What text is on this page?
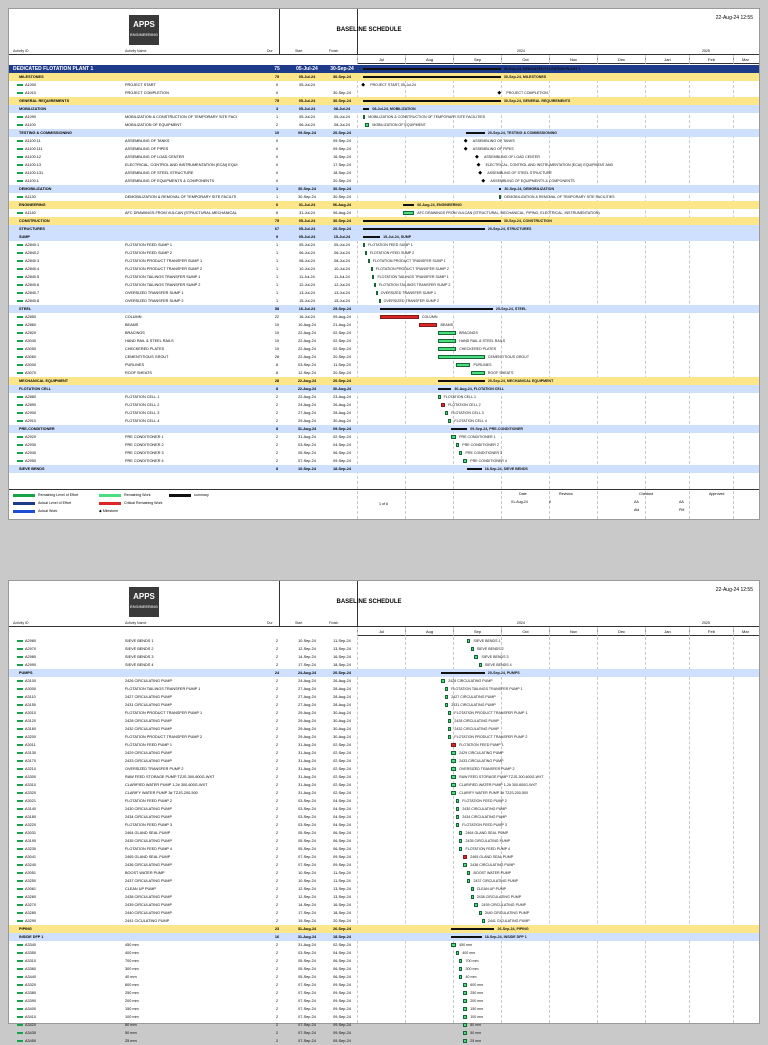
APPS
ENGINEERING
BASELINE SCHEDULE
22-Aug-24 12:55
Activity ID	Activity Name	Dur	Start	Finish	2024	2025
Jul	Aug	Sep	Oct	Nov	Dec	Jan	Feb	Mar
DEDICATED FLOTATION PLANT 1	75	05-Jul-24	30-Sep-24	30-Sep-24, DEDICATED FLOTATION PLANT 1
MILESTONES	75	05-Jul-24	30-Sep-24	30-Sep-24, MILESTONES
A1000	PROJECT START	0	05-Jul-24	◆ PROJECT START, 05-Jul-24
A1010	PROJECT COMPLETION	0	30-Sep-24	◆ PROJECT COMPLETION,
GENERAL REQUIREMENTS	75	05-Jul-24	30-Sep-24	30-Sep-24, GENERAL REQUIREMENTS
MOBILIZATION	3	05-Jul-24	08-Jul-24	08-Jul-24, MOBILIZATION
A1090	MOBILIZATION & CONSTRUCTION OF TEMPORARY SITE FACI	1	05-Jul-24	05-Jul-24	MOBILIZATION & CONSTRUCTION OF TEMPORARY SITE FACILITIES
A1100	MOBILIZATION OF EQUIPMENT	2	06-Jul-24	08-Jul-24	MOBILIZATION OF EQUIPMENT
TESTING & COMMISSIONING	10	09-Sep-24	20-Sep-24	20-Sep-24, TESTING & COMMISSIONING
A1100.11	ASSEMBLING OF TANKS	0	09-Sep-24	◆ ASSEMBLING OF TANKS
A1100.111	ASSEMBLING OF PIPES	0	09-Sep-24	◆ ASSEMBLING OF PIPES
A1100.12	ASSEMBLING OF LOAD CENTER	0	16-Sep-24	◆ ASSEMBLING OF LOAD CENTER
A1100.13	ELECTRICAL, CONTROL AND INSTRUMENTATION (ECAI) EQUI	0	17-Sep-24	◆ ELECTRICAL, CONTROL AND INSTRUMENTATION (ECAI) EQUIPMENT AND
A1100.131	ASSEMBLING OF STEEL STRUCTURE	0	18-Sep-24	◆ ASSEMBLING OF STEEL STRUCTURE
A1100.1	ASSEMBLING OF EQUIPMENTS & COMPONENTS	0	20-Sep-24	◆ ASSEMBLING OF EQUIPMENTS & COMPONENTS
DEMOBILIZATION	1	30-Sep-24	30-Sep-24	30-Sep-24, DEMOBILIZATION
A1130	DEMOBILIZATION & REMOVAL OF TEMPORARY SITE FACILITI	1	30-Sep-24	30-Sep-24	DEMOBILIZATION & REMOVAL OF TEMPORARY SITE FACILITIES
ENGINEERING	6	31-Jul-24	06-Aug-24	06-Aug-24, ENGINEERING
A1140	AFC DRAWINGS FROM VULCAN (STRUCTURAL,MECHANICAL	6	31-Jul-24	06-Aug-24	AFC DRAWINGS FROM VULCAN (STRUCTURAL, MECHANICAL, PIPING, ELECTRICAL, INSTRUMENTATION)
CONSTRUCTION	75	05-Jul-24	30-Sep-24	30-Sep-24, CONSTRUCTION
STRUCTURES	67	05-Jul-24	20-Sep-24	20-Sep-24, STRUCTURES
SUMP	9	05-Jul-24	15-Jul-24	15-Jul-24, SUMP
A2840.1	FLOTATION FEED SUMP 1	1	05-Jul-24	05-Jul-24	FLOTATION FEED SUMP 1
A2840.2	FLOTATION FEED SUMP 2	1	06-Jul-24	06-Jul-24	FLOTATION FEED SUMP 2
A2840.3	FLOTATION PRODUCT TRANSFER SUMP 1	1	08-Jul-24	08-Jul-24	FLOTATION PRODUCT TRANSFER SUMP 1
A2840.4	FLOTATION PRODUCT TRANSFER SUMP 2	1	10-Jul-24	10-Jul-24	FLOTATION PRODUCT TRANSFER SUMP 2
A2840.5	FLOTATION TAILINGS TRANSFER SUMP 1	1	11-Jul-24	11-Jul-24	FLOTATION TAILINGS TRANSFER SUMP 1
A2840.6	FLOTATION TAILINGS TRANSFER SUMP 2	1	12-Jul-24	12-Jul-24	FLOTATION TAILINGS TRANSFER SUMP 2
A2840.7	OVERSIZED TRANSFER SUMP 1	1	13-Jul-24	13-Jul-24	OVERSIZED TRANSFER SUMP 1
A2840.8	OVERSIZED TRANSFER SUMP 2	1	15-Jul-24	15-Jul-24	OVERSIZED TRANSFER SUMP 2
STEEL	58	16-Jul-24	25-Sep-24	25-Sep-24, STEEL
A2850	COLUMN	22	16-Jul-24	09-Aug-24	COLUMN
A2860	BEAMS	10	10-Aug-24	21-Aug-24	BEAMS
A2820	BRACINGS	10	22-Aug-24	02-Sep-24	BRACINGS
A3040	HAND RAIL & STEEL RAILS	10	22-Aug-24	02-Sep-24	HAND RAIL & STEEL RAILS
A3050	CHECKERED PLATES	10	22-Aug-24	02-Sep-24	CHECKERED PLATES
A3060	CEMENTITIOUS GROUT	26	22-Aug-24	20-Sep-24	CEMENTITIOUS GROUT
A3000	PURLINES	8	03-Sep-24	11-Sep-24	PURLINES
A3070	ROOF SHEATS	8	12-Sep-24	20-Sep-24	ROOF SHEATS
MECHANICAL EQUIPMENT	28	22-Aug-24	20-Sep-24	20-Sep-24, MECHANICAL EQUIPMENT
FLOTATION CELL	8	22-Aug-24	30-Aug-24	30-Aug-24, FLOTATION CELL
A2880	FLOTATION CELL 1	2	22-Aug-24	23-Aug-24	FLOTATION CELL 1
A2890	FLOTATION CELL 2	2	24-Aug-24	26-Aug-24	FLOTATION CELL 2
A2900	FLOTATION CELL 3	2	27-Aug-24	28-Aug-24	FLOTATION CELL 3
A2910	FLOTATION CELL 4	2	29-Aug-24	30-Aug-24	FLOTATION CELL 4
PRE-CONDITIONER	8	31-Aug-24	09-Sep-24	09-Sep-24, PRE-CONDITIONER
A2920	PRE CONDITIONER 1	2	31-Aug-24	02-Sep-24	PRE CONDITIONER 1
A2930	PRE CONDITIONER 2	2	03-Sep-24	04-Sep-24	PRE CONDITIONER 2
A2940	PRE CONDITIONER 3	2	05-Sep-24	06-Sep-24	PRE CONDITIONER 3
A2950	PRE CONDITIONER 4	2	07-Sep-24	09-Sep-24	PRE CONDITIONER 4
SIEVE BENDS	8	10-Sep-24	18-Sep-24	18-Sep-24, SIEVE BENDS
Remaining Level of Effort	Remaining Work	summary
Actual Level of Effort	Critical Remaining Work
Actual Work	◆ Milestone
1 of 6
Date	Revision	Checked	Approved
01-Aug-24	0	AA	AA
Ald	PM
APPS
ENGINEERING
BASELINE SCHEDULE
22-Aug-24 12:55
Activity ID	Activity Name	Dur	Start	Finish	2024	2025
Jul	Aug	Sep	Oct	Nov	Dec	Jan	Feb	Mar
A2960	SIEVE BENDS 1	2	10-Sep-24	11-Sep-24	SIEVE BENDS 1
A2970	SIEVE BENDS 2	2	12-Sep-24	13-Sep-24	SIEVE BENDS 2
A2980	SIEVE BENDS 3	2	14-Sep-24	16-Sep-24	SIEVE BENDS 3
A2990	SIEVE BENDS 4	2	17-Sep-24	18-Sep-24	SIEVE BENDS 4
PUMPS	24	24-Aug-24	20-Sep-24	20-Sep-24, PUMPS
A3100	2426 CIRCULATING PUMP	2	24-Aug-24	26-Aug-24	2426 CIRCULATING PUMP
A3000	FLOTATION TAILINGS TRANSFER PUMP 1	2	27-Aug-24	28-Aug-24	FLOTATION TAILINGS TRANSFER PUMP 1
A3110	2427 CIRCULATING PUMP	2	27-Aug-24	28-Aug-24	2427 CIRCULATING PUMP
A3150	2431 CIRCULATING PUMP	2	27-Aug-24	28-Aug-24	2431 CIRCULATING PUMP
A3010	FLOTATION PRODUCT TRANSFER PUMP 1	2	29-Aug-24	30-Aug-24	FLOTATION PRODUCT TRANSFER PUMP 1
A3120	2428 CIRCULATING PUMP	2	29-Aug-24	30-Aug-24	2428 CIRCULATING PUMP
A3160	2432 CIRCULATING PUMP	2	29-Aug-24	30-Aug-24	2432 CIRCULATING PUMP
A3200	FLOTATION PRODUCT TRANSFER PUMP 2	2	29-Aug-24	30-Aug-24	FLOTATION PRODUCT TRANSFER PUMP 2
A3011	FLOTATION FEED PUMP 1	2	31-Aug-24	02-Sep-24	FLOTATION FEED PUMP 1
A3130	2429 CIRCULATING PUMP	2	31-Aug-24	02-Sep-24	2429 CIRCULATING PUMP
A3170	2433 CIRCULATING PUMP	2	31-Aug-24	02-Sep-24	2433 CIRCULATING PUMP
A3210	OVERSIZED TRANSFER PUMP 2	2	31-Aug-24	02-Sep-24	OVERSIZED TRANSFER PUMP 2
A3300	RAW FEED STORAGE PUMP TZJS-300-600G-WXT	2	31-Aug-24	02-Sep-24	RAW FEED STORAGE PUMP TZJS-300-600G-WXT
A3310	CLARIFIED WATER PUMP 1-2# 300-600G-WXT	2	31-Aug-24	02-Sep-24	CLARIFIED WATER PUMP 1-2# 300-600G-WXT
A3320	CLARIFY WATER PUMP 3# TZJS-200-500	2	31-Aug-24	02-Sep-24	CLARIFY WATER PUMP 3# TZJS-200-500
A3021	FLOTATION FEED PUMP 2	2	03-Sep-24	04-Sep-24	FLOTATION FEED PUMP 2
A3140	2430 CIRCULATING PUMP	2	03-Sep-24	04-Sep-24	2430 CIRCULATING PUMP
A3180	2434 CIRCULATING PUMP	2	03-Sep-24	04-Sep-24	2434 CIRCULATING PUMP
A3220	FLOTATION FEED PUMP 3	2	03-Sep-24	04-Sep-24	FLOTATION FEED PUMP 3
A3031	2464 GLAND SEAL PUMP	2	05-Sep-24	06-Sep-24	2464 GLAND SEAL PUMP
A3190	2435 CIRCULATING PUMP	2	05-Sep-24	06-Sep-24	2435 CIRCULATING PUMP
A3230	FLOTATION FEED PUMP 4	2	05-Sep-24	06-Sep-24	FLOTATION FEED PUMP 4
A3041	2465 GLAND SEAL PUMP	2	07-Sep-24	09-Sep-24	2465 GLAND SEAL PUMP
A3240	2436 CIRCULATING PUMP	2	07-Sep-24	09-Sep-24	2436 CIRCULATING PUMP
A3051	BOOST WATER PUMP	2	10-Sep-24	11-Sep-24	BOOST WATER PUMP
A3250	2437 CIRCULATING PUMP	2	10-Sep-24	11-Sep-24	2437 CIRCULATING PUMP
A3061	CLEAN UP PUMP	2	12-Sep-24	13-Sep-24	CLEAN UP PUMP
A3260	2438 CIRCULATING PUMP	2	12-Sep-24	13-Sep-24	2438 CIRCULATING PUMP
A3270	2439 CIRCULATING PUMP	2	14-Sep-24	16-Sep-24	2439 CIRCULATING PUMP
A3280	2440 CIRCULATING PUMP	2	17-Sep-24	18-Sep-24	2440 CIRCULATING PUMP
A3290	2441 CICULATING PUMP	2	19-Sep-24	20-Sep-24	2441 CICULATING PUMP
PIPING	23	31-Aug-24	26-Sep-24	26-Sep-24, PIPING
INSIDE DFP 1	16	31-Aug-24	18-Sep-24	18-Sep-24, INSIDE DFP 1
A3340	450 mm	2	31-Aug-24	02-Sep-24	450 mm
A3350	400 mm	2	03-Sep-24	04-Sep-24	400 mm
A3310	700 mm	2	05-Sep-24	06-Sep-24	700 mm
A3360	300 mm	2	05-Sep-24	06-Sep-24	300 mm
A3440	40 mm	2	05-Sep-24	06-Sep-24	40 mm
A3320	600 mm	2	07-Sep-24	09-Sep-24	600 mm
A3380	250 mm	2	07-Sep-24	09-Sep-24	250 mm
A3390	200 mm	2	07-Sep-24	09-Sep-24	200 mm
A3400	150 mm	2	07-Sep-24	09-Sep-24	150 mm
A3410	100 mm	2	07-Sep-24	09-Sep-24	100 mm
A3420	80 mm	2	07-Sep-24	09-Sep-24	80 mm
A3430	50 mm	2	07-Sep-24	09-Sep-24	50 mm
A3450	25 mm	2	07-Sep-24	09-Sep-24	25 mm
